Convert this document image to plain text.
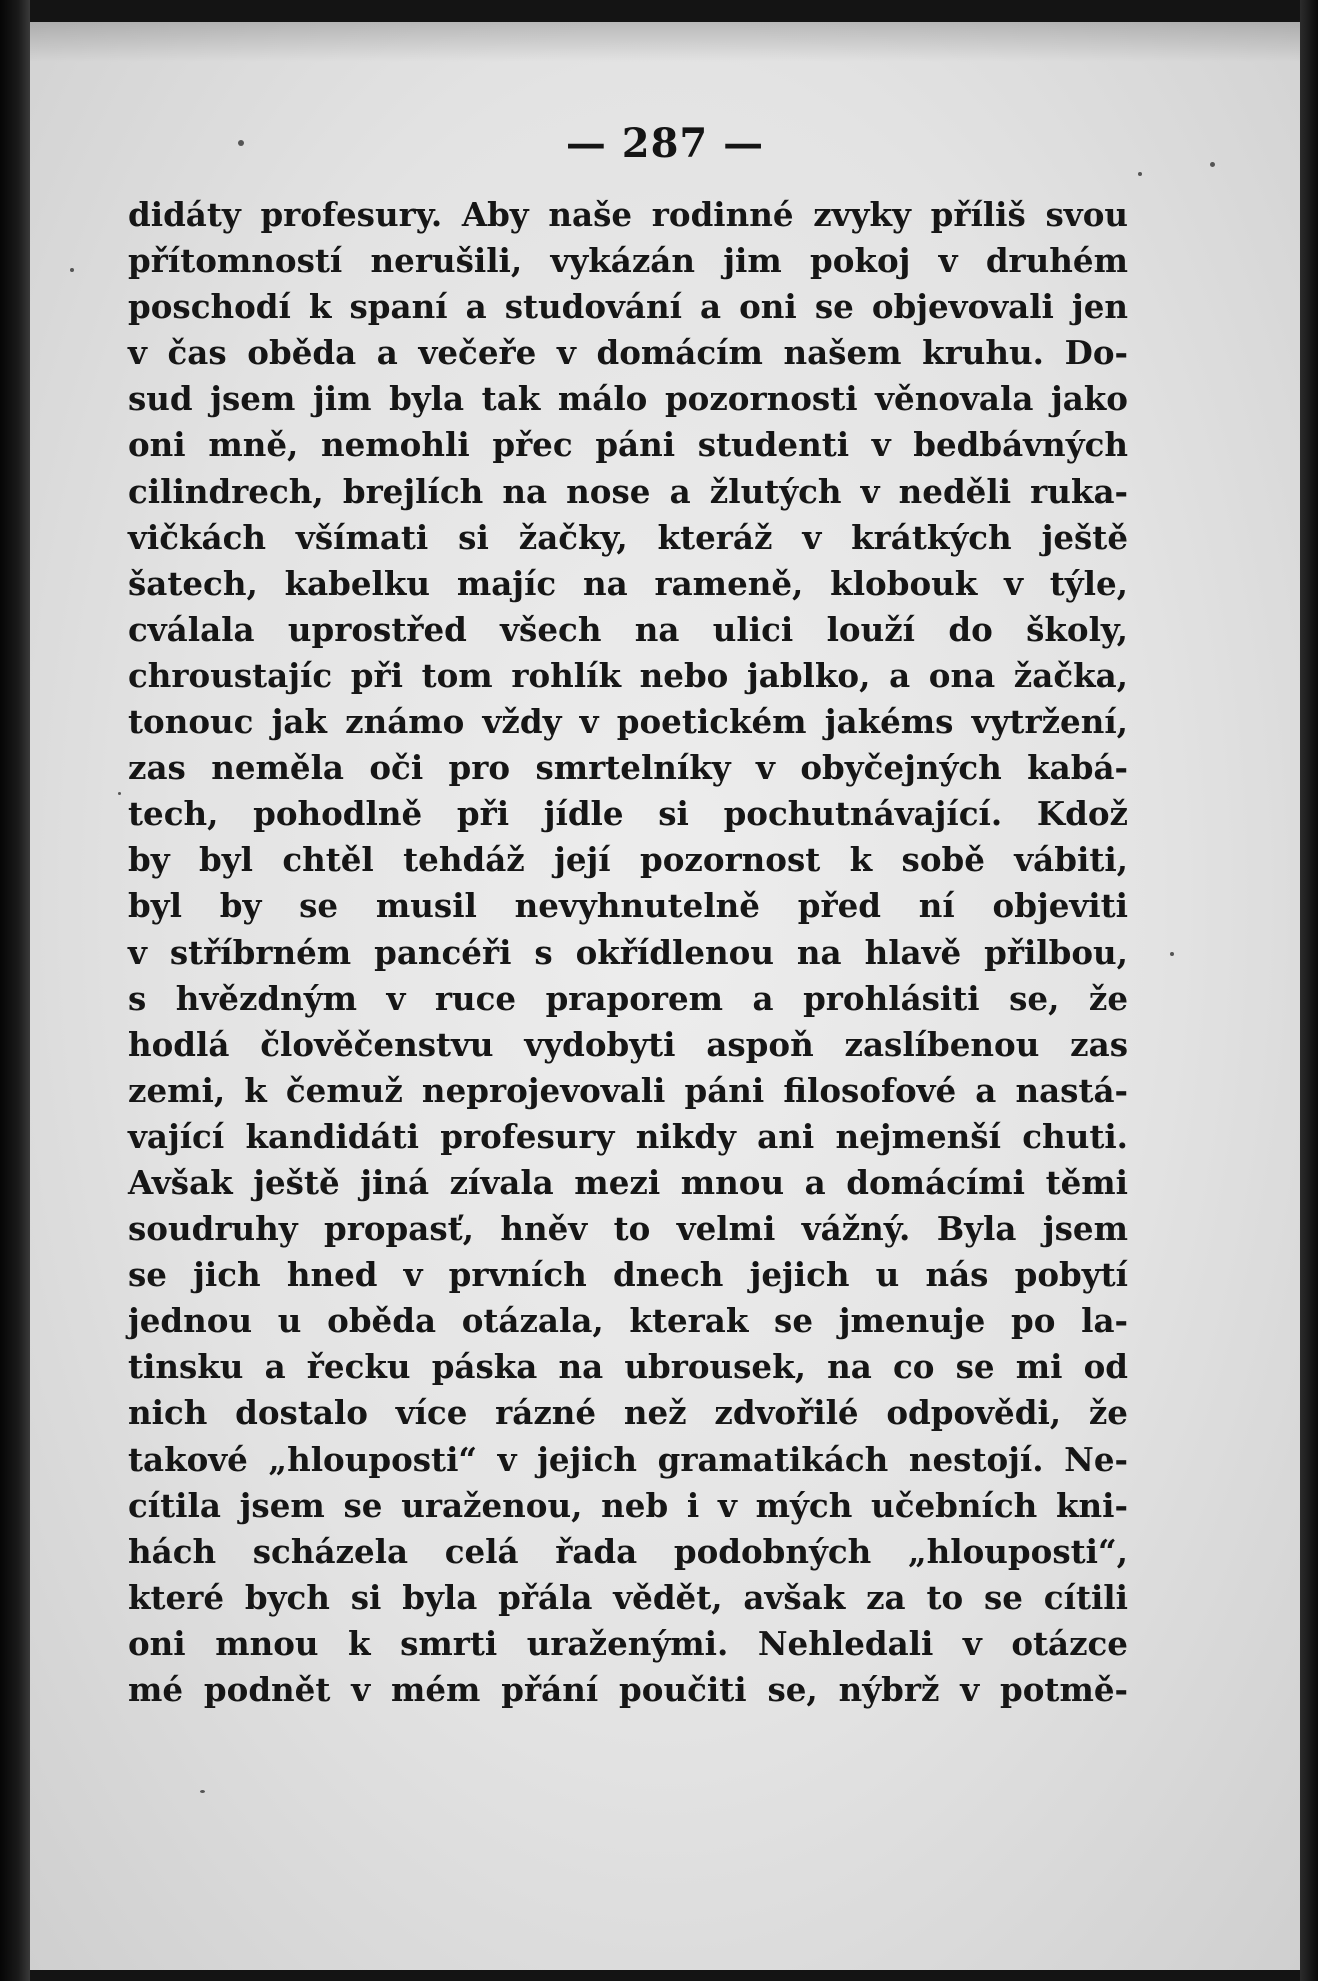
— 287 —
didáty profesury. Aby naše rodinné zvyky příliš svou
přítomností nerušili, vykázán jim pokoj v druhém
poschodí k spaní a studování a oni se objevovali jen
v čas oběda a večeře v domácím našem kruhu. Do-
sud jsem jim byla tak málo pozornosti věnovala jako
oni mně, nemohli přec páni studenti v bedbávných
cilindrech, brejlích na nose a žlutých v neděli ruka-
vičkách všímati si žačky, kteráž v krátkých ještě
šatech, kabelku majíc na rameně, klobouk v týle,
cválala uprostřed všech na ulici louží do školy,
chroustajíc při tom rohlík nebo jablko, a ona žačka,
tonouc jak známo vždy v poetickém jakéms vytržení,
zas neměla oči pro smrtelníky v obyčejných kabá-
tech, pohodlně při jídle si pochutnávající. Kdož
by byl chtěl tehdáž její pozornost k sobě vábiti,
byl by se musil nevyhnutelně před ní objeviti
v stříbrném pancéři s okřídlenou na hlavě přilbou,
s hvězdným v ruce praporem a prohlásiti se, že
hodlá člověčenstvu vydobyti aspoň zaslíbenou zas
zemi, k čemuž neprojevovali páni filosofové a nastá-
vající kandidáti profesury nikdy ani nejmenší chuti.
Avšak ještě jiná zívala mezi mnou a domácími těmi
soudruhy propasť, hněv to velmi vážný. Byla jsem
se jich hned v prvních dnech jejich u nás pobytí
jednou u oběda otázala, kterak se jmenuje po la-
tinsku a řecku páska na ubrousek, na co se mi od
nich dostalo více rázné než zdvořilé odpovědi, že
takové „hlouposti“ v jejich gramatikách nestojí. Ne-
cítila jsem se uraženou, neb i v mých učebních kni-
hách scházela celá řada podobných „hlouposti“,
které bych si byla přála vědět, avšak za to se cítili
oni mnou k smrti uraženými. Nehledali v otázce
mé podnět v mém přání poučiti se, nýbrž v potmě-
